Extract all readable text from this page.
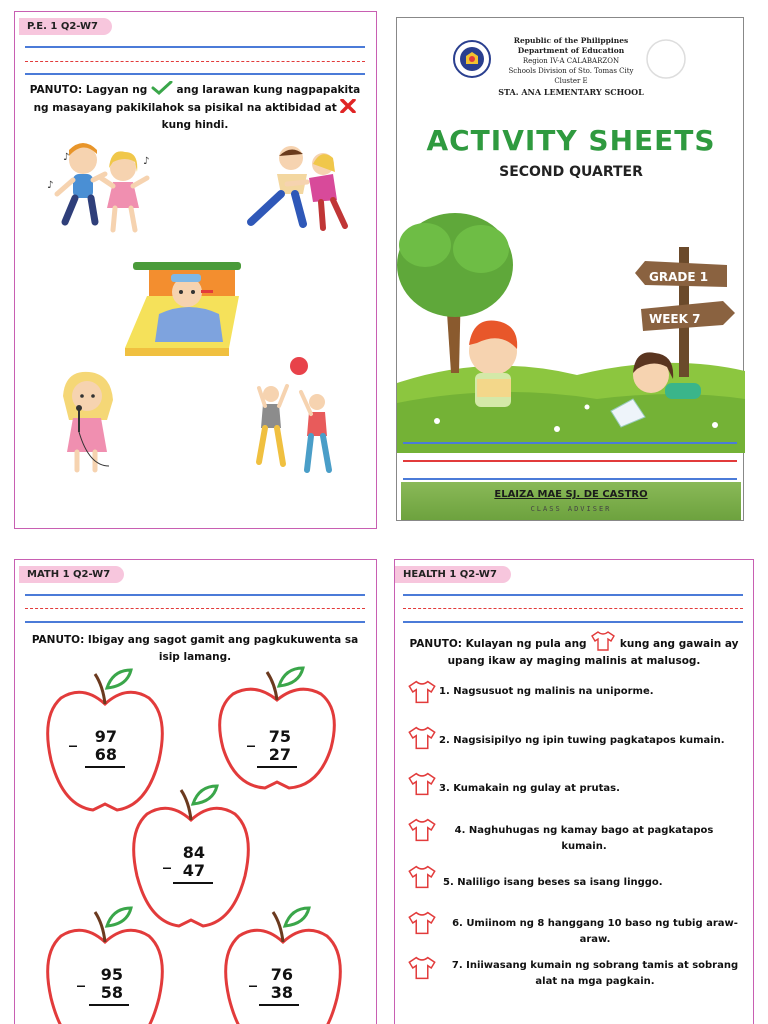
P.E. 1 Q2-W7
PANUTO: Lagyan ng	ang larawan kung nagpapakita
ng masayang pakikilahok sa pisikal na aktibidad at
kung hindi.
♪
♪
♪
Republic of the Philippines
Department of Education
Region IV-A CALABARZON
Schools Division of Sto. Tomas City
Cluster E
STA. ANA LEMENTARY SCHOOL
ACTIVITY SHEETS
SECOND QUARTER
GRADE 1
WEEK 7
ELAIZA MAE SJ. DE CASTRO
CLASS ADVISER
MATH 1 Q2-W7
PANUTO: Ibigay ang sagot gamit ang pagkukuwenta sa
isip lamang.
_	97
68
_ 75
27
_ 84
47
_ 95
58
_ 76
38
HEALTH 1 Q2-W7
PANUTO: Kulayan ng pula ang	kung ang gawain ay
upang ikaw ay maging malinis at malusog.
1. Nagsusuot ng malinis na uniporme.
2. Nagsisipilyo ng ipin tuwing pagkatapos kumain.
3. Kumakain ng gulay at prutas.
4. Naghuhugas ng kamay bago at pagkatapos
kumain.
5. Naliligo isang beses sa isang linggo.
6. Umiinom ng 8 hanggang 10 baso ng tubig araw-
araw.
7. Iniiwasang kumain ng sobrang tamis at sobrang
alat na mga pagkain.
